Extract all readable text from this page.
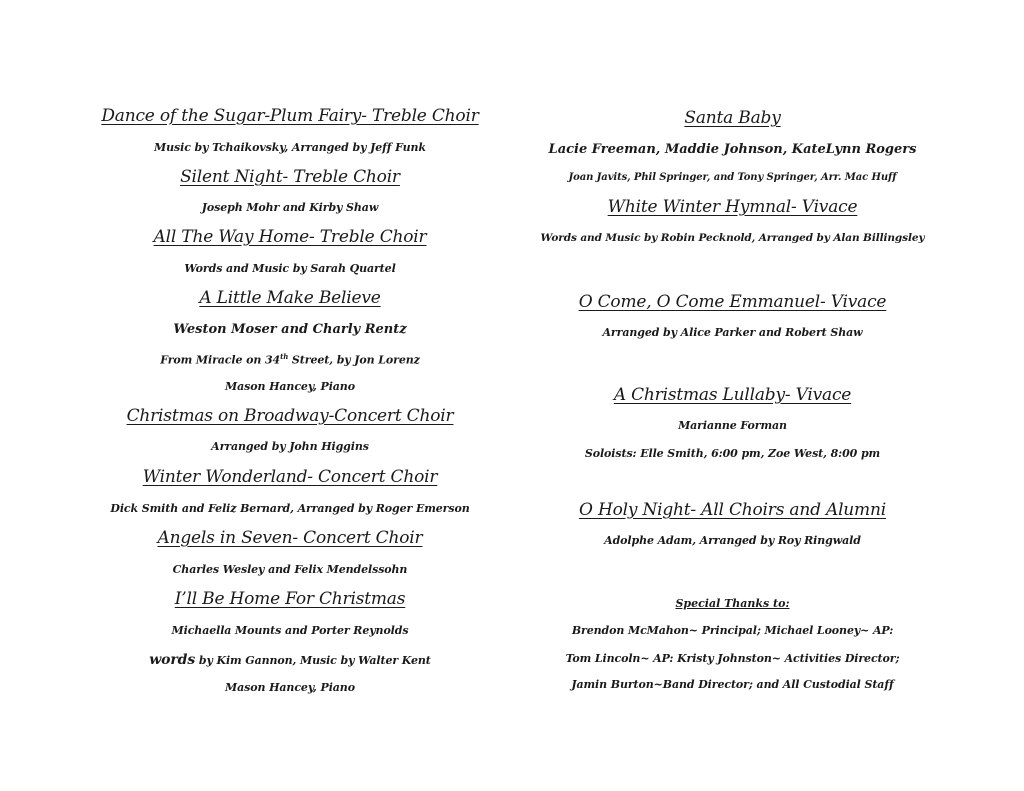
Dance of the Sugar-Plum Fairy- Treble Choir
Music by Tchaikovsky, Arranged by Jeff Funk
Silent Night- Treble Choir
Joseph Mohr and Kirby Shaw
All The Way Home- Treble Choir
Words and Music by Sarah Quartel
A Little Make Believe
Weston Moser and Charly Rentz
From Miracle on 34th Street, by Jon Lorenz
Mason Hancey, Piano
Christmas on Broadway-Concert Choir
Arranged by John Higgins
Winter Wonderland- Concert Choir
Dick Smith and Feliz Bernard, Arranged by Roger Emerson
Angels in Seven- Concert Choir
Charles Wesley and Felix Mendelssohn
I’ll Be Home For Christmas
Michaella Mounts and Porter Reynolds
words by Kim Gannon, Music by Walter Kent
Mason Hancey, Piano
Santa Baby
Lacie Freeman, Maddie Johnson, KateLynn Rogers
Joan Javits, Phil Springer, and Tony Springer, Arr. Mac Huff
White Winter Hymnal- Vivace
Words and Music by Robin Pecknold, Arranged by Alan Billingsley
O Come, O Come Emmanuel- Vivace
Arranged by Alice Parker and Robert Shaw
A Christmas Lullaby- Vivace
Marianne Forman
Soloists: Elle Smith, 6:00 pm, Zoe West, 8:00 pm
O Holy Night- All Choirs and Alumni
Adolphe Adam, Arranged by Roy Ringwald
Special Thanks to:
Brendon McMahon~ Principal; Michael Looney~ AP:
Tom Lincoln~ AP: Kristy Johnston~ Activities Director;
Jamin Burton~Band Director; and All Custodial Staff
